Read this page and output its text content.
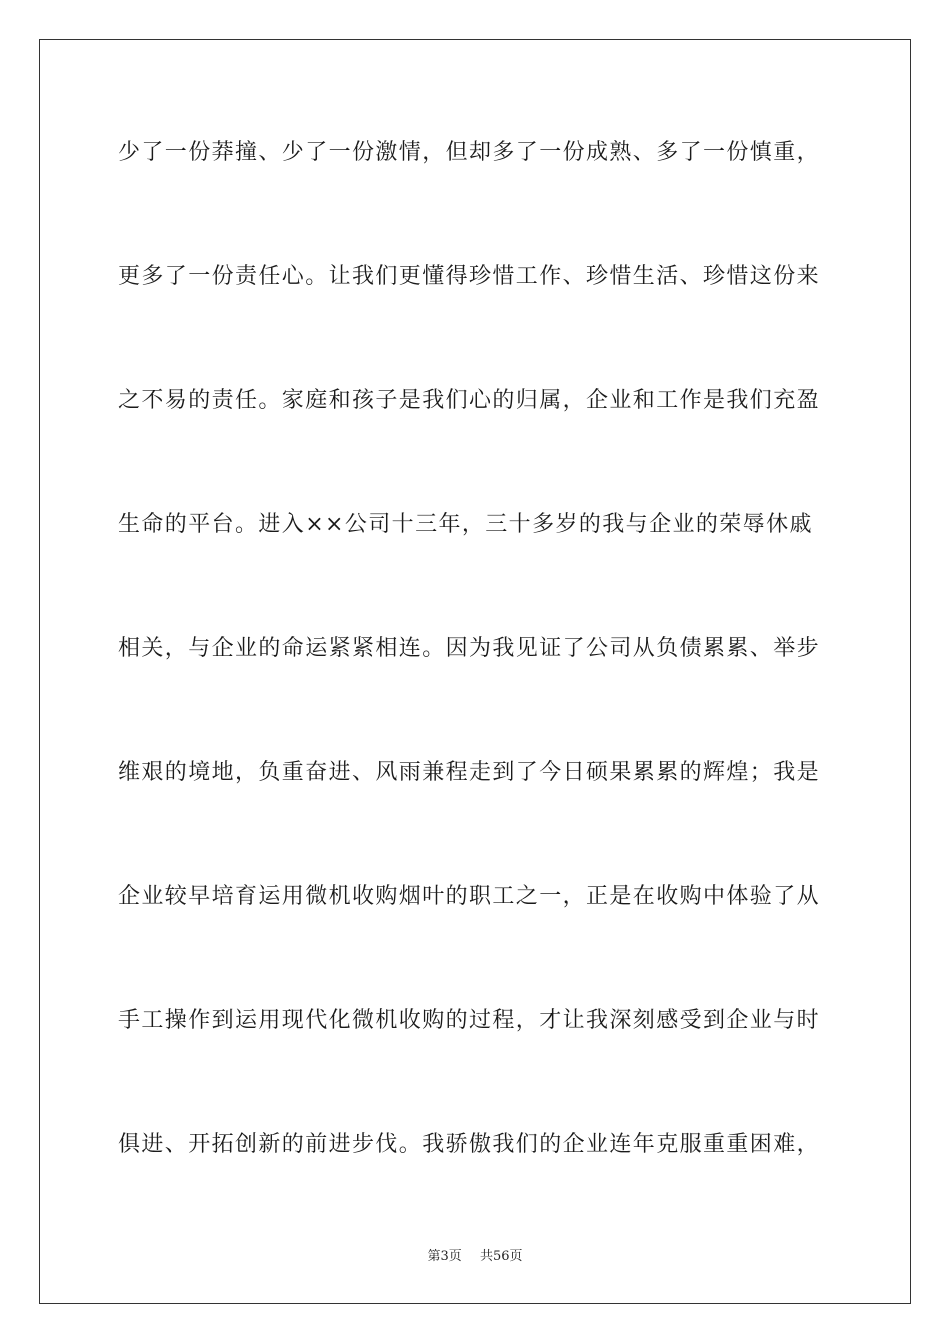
少了一份莽撞、少了一份激情，但却多了一份成熟、多了一份慎重，
更多了一份责任心。让我们更懂得珍惜工作、珍惜生活、珍惜这份来
之不易的责任。家庭和孩子是我们心的归属，企业和工作是我们充盈
生命的平台。进入××公司十三年，三十多岁的我与企业的荣辱休戚
相关，与企业的命运紧紧相连。因为我见证了公司从负债累累、举步
维艰的境地，负重奋进、风雨兼程走到了今日硕果累累的辉煌；我是
企业较早培育运用微机收购烟叶的职工之一，正是在收购中体验了从
手工操作到运用现代化微机收购的过程，才让我深刻感受到企业与时
俱进、开拓创新的前进步伐。我骄傲我们的企业连年克服重重困难，
第3页 共56页
